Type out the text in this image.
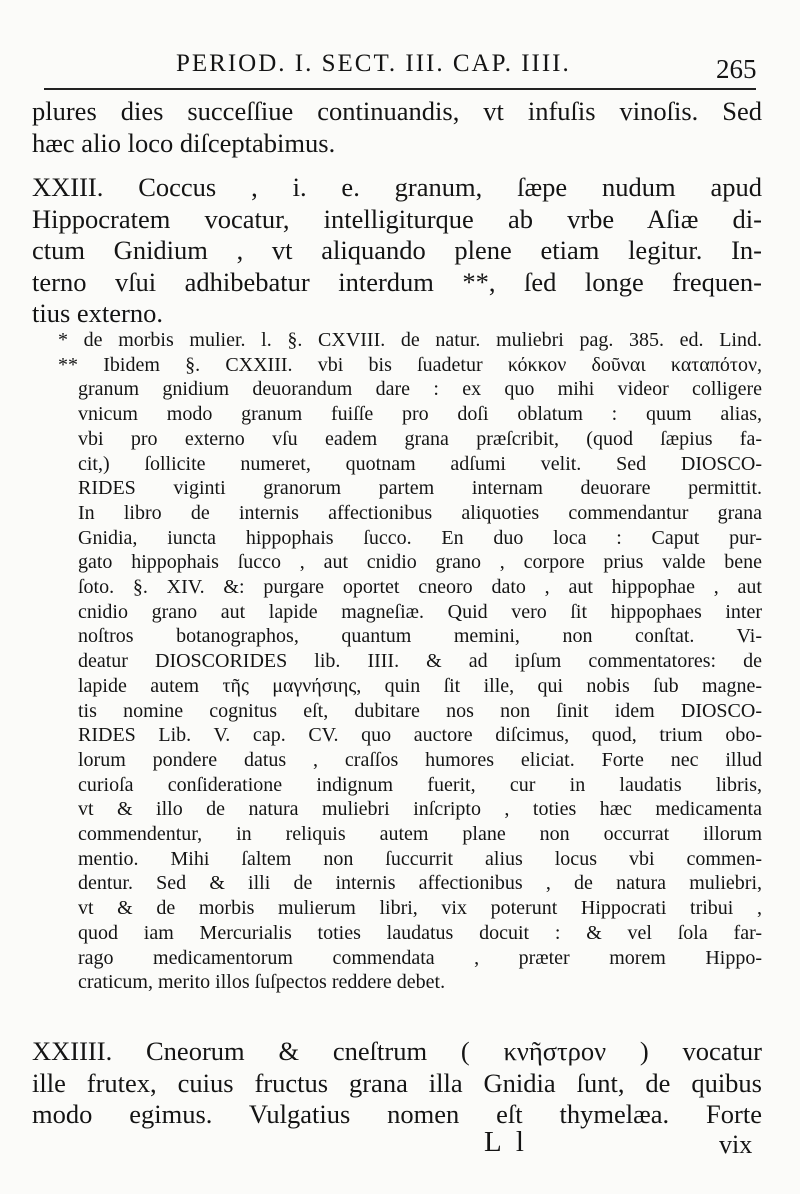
PERIOD. I. SECT. III. CAP. IIII.	265
plures dies succeſſiue continuandis, vt infuſis vinoſis. Sed
hæc alio loco diſceptabimus.
XXIII. Coccus , i. e. granum, ſæpe nudum apud
Hippocratem vocatur, intelligiturque ab vrbe Aſiæ di-
ctum Gnidium , vt aliquando plene etiam legitur. In-
terno vſui adhibebatur interdum **, ſed longe frequen-
tius externo.
* de morbis mulier. l. §. CXVIII. de natur. muliebri pag. 385. ed. Lind.
** Ibidem §. CXXIII. vbi bis ſuadetur κόκκον δοῦναι καταπότον,
granum gnidium deuorandum dare : ex quo mihi videor colligere
vnicum modo granum fuiſſe pro doſi oblatum : quum alias,
vbi pro externo vſu eadem grana præſcribit, (quod ſæpius fa-
cit,) ſollicite numeret, quotnam adſumi velit. Sed DIOSCO-
RIDES viginti granorum partem internam deuorare permittit.
In libro de internis affectionibus aliquoties commendantur grana
Gnidia, iuncta hippophais ſucco. En duo loca : Caput pur-
gato hippophais ſucco , aut cnidio grano , corpore prius valde bene
ſoto. §. XIV. &: purgare oportet cneoro dato , aut hippophae , aut
cnidio grano aut lapide magneſiæ. Quid vero ſit hippophaes inter
noſtros botanographos, quantum memini, non conſtat. Vi-
deatur DIOSCORIDES lib. IIII. & ad ipſum commentatores: de
lapide autem τῆς μαγνήσιης, quin ſit ille, qui nobis ſub magne-
tis nomine cognitus eſt, dubitare nos non ſinit idem DIOSCO-
RIDES Lib. V. cap. CV. quo auctore diſcimus, quod, trium obo-
lorum pondere datus , craſſos humores eliciat. Forte nec illud
curioſa conſideratione indignum fuerit, cur in laudatis libris,
vt & illo de natura muliebri inſcripto , toties hæc medicamenta
commendentur, in reliquis autem plane non occurrat illorum
mentio. Mihi ſaltem non ſuccurrit alius locus vbi commen-
dentur. Sed & illi de internis affectionibus , de natura muliebri,
vt & de morbis mulierum libri, vix poterunt Hippocrati tribui ,
quod iam Mercurialis toties laudatus docuit : & vel ſola far-
rago medicamentorum commendata , præter morem Hippo-
craticum, merito illos ſuſpectos reddere debet.
XXIIII. Cneorum & cneſtrum ( κνῆστρον ) vocatur
ille frutex, cuius fructus grana illa Gnidia ſunt, de quibus
modo egimus. Vulgatius nomen eſt thymelæa. Forte
L l	vix
